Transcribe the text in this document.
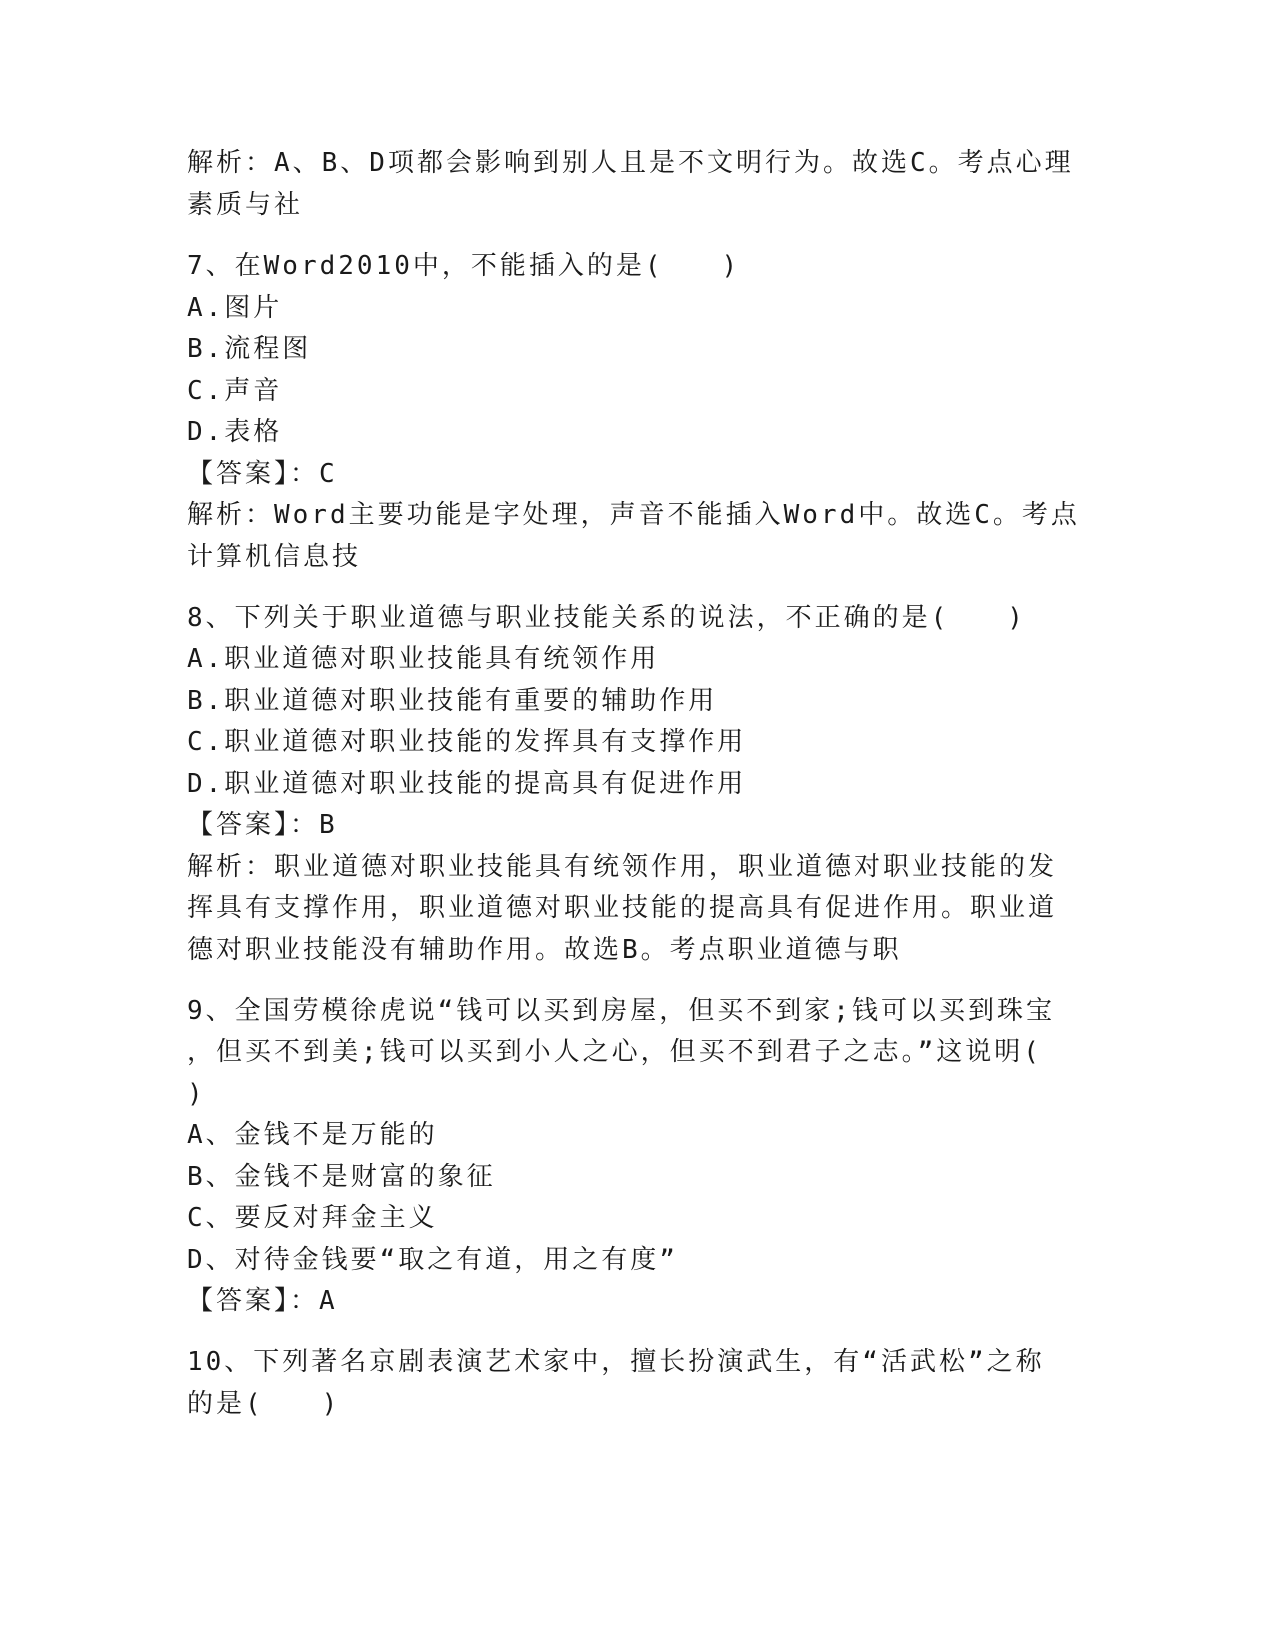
解析：A、B、D项都会影响到别人且是不文明行为。故选C。考点心理
素质与社
7、在Word2010中，不能插入的是(　　)
A.图片
B.流程图
C.声音
D.表格
【答案】：C
解析：Word主要功能是字处理，声音不能插入Word中。故选C。考点
计算机信息技
8、下列关于职业道德与职业技能关系的说法，不正确的是(　　)
A.职业道德对职业技能具有统领作用
B.职业道德对职业技能有重要的辅助作用
C.职业道德对职业技能的发挥具有支撑作用
D.职业道德对职业技能的提高具有促进作用
【答案】：B
解析：职业道德对职业技能具有统领作用，职业道德对职业技能的发
挥具有支撑作用，职业道德对职业技能的提高具有促进作用。职业道
德对职业技能没有辅助作用。故选B。考点职业道德与职
9、全国劳模徐虎说“钱可以买到房屋，但买不到家;钱可以买到珠宝
，但买不到美;钱可以买到小人之心，但买不到君子之志。”这说明(
)
A、金钱不是万能的
B、金钱不是财富的象征
C、要反对拜金主义
D、对待金钱要“取之有道，用之有度”
【答案】：A
10、下列著名京剧表演艺术家中，擅长扮演武生，有“活武松”之称
的是(　　)
